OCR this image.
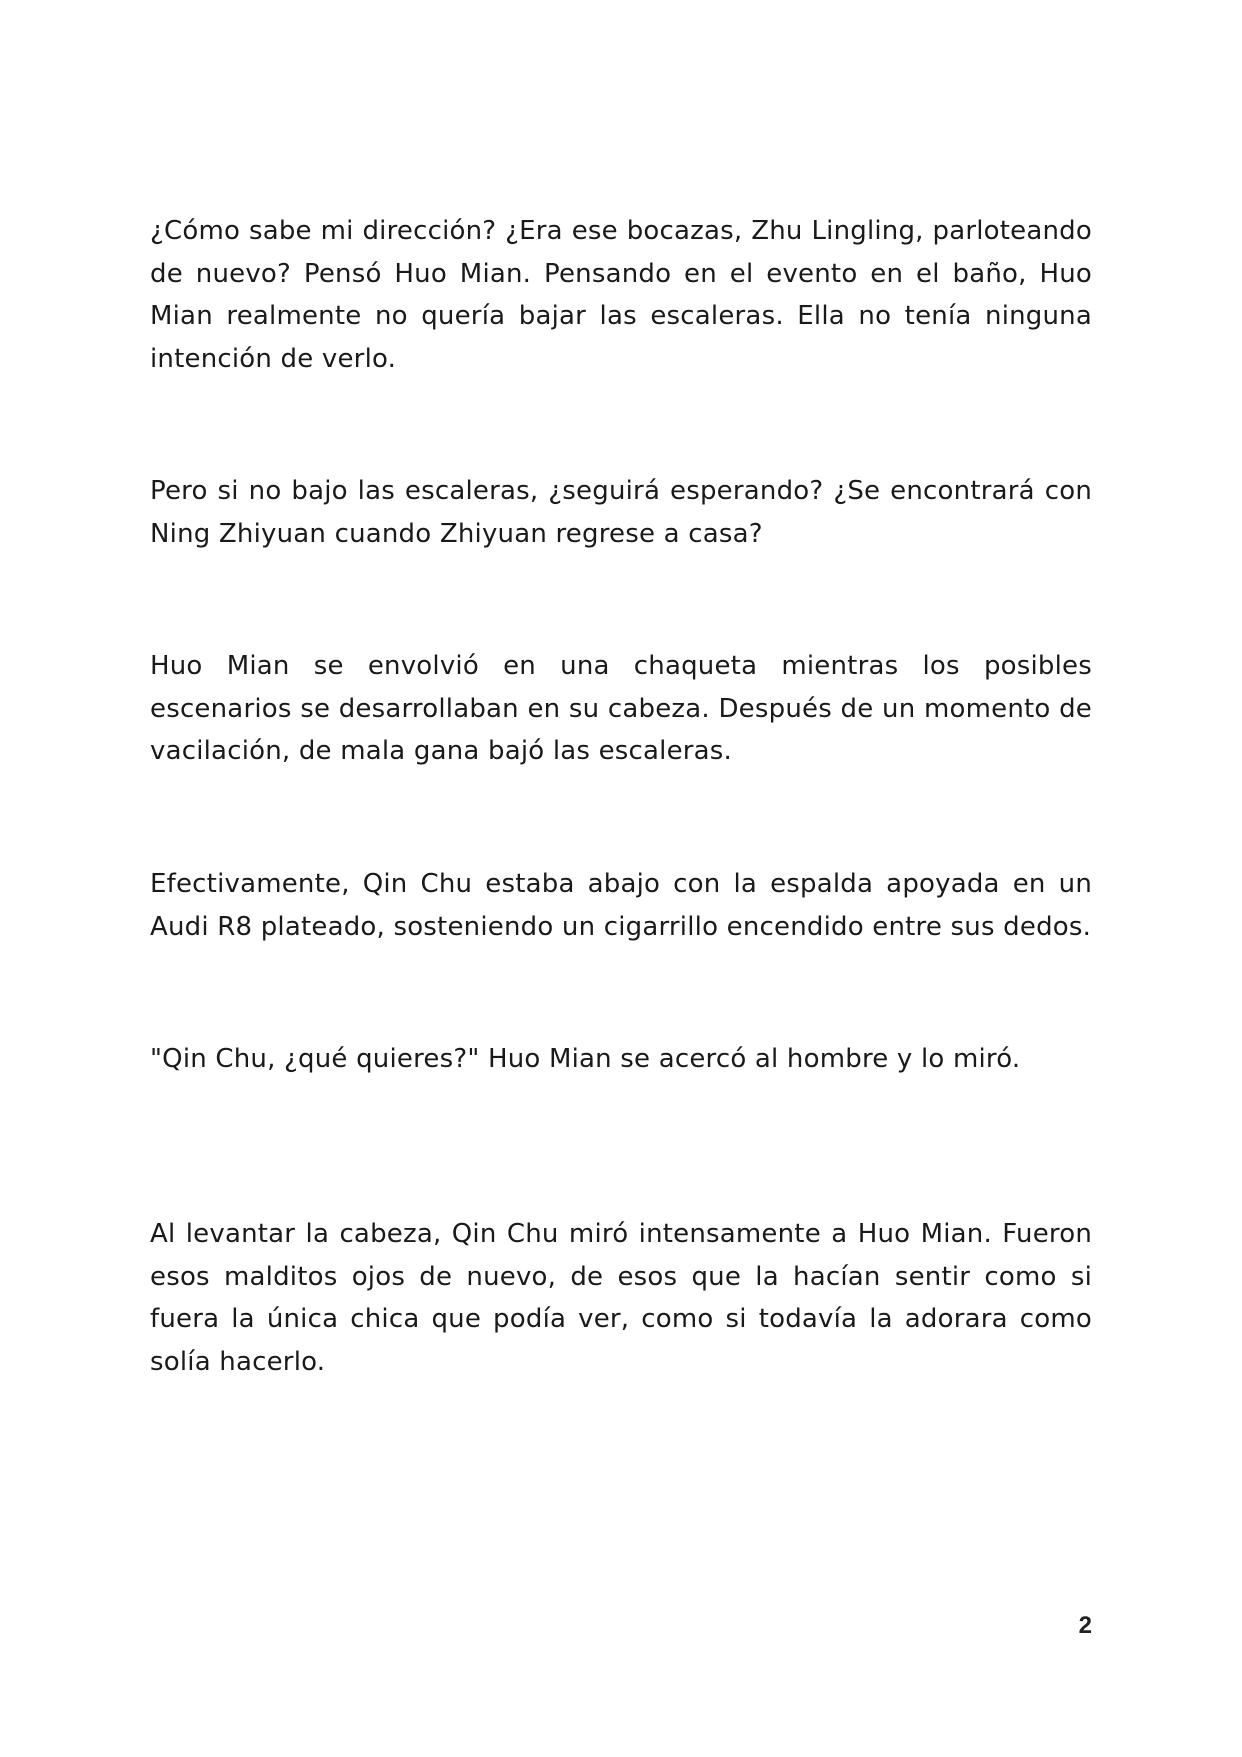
¿Cómo sabe mi dirección? ¿Era ese bocazas, Zhu Lingling, parloteando de nuevo? Pensó Huo Mian. Pensando en el evento en el baño, Huo Mian realmente no quería bajar las escaleras. Ella no tenía ninguna intención de verlo.

Pero si no bajo las escaleras, ¿seguirá esperando? ¿Se encontrará con Ning Zhiyuan cuando Zhiyuan regrese a casa?

Huo Mian se envolvió en una chaqueta mientras los posibles escenarios se desarrollaban en su cabeza. Después de un momento de vacilación, de mala gana bajó las escaleras.

Efectivamente, Qin Chu estaba abajo con la espalda apoyada en un Audi R8 plateado, sosteniendo un cigarrillo encendido entre sus dedos.

"Qin Chu, ¿qué quieres?" Huo Mian se acercó al hombre y lo miró.

Al levantar la cabeza, Qin Chu miró intensamente a Huo Mian. Fueron esos malditos ojos de nuevo, de esos que la hacían sentir como si fuera la única chica que podía ver, como si todavía la adorara como solía hacerlo.

2
